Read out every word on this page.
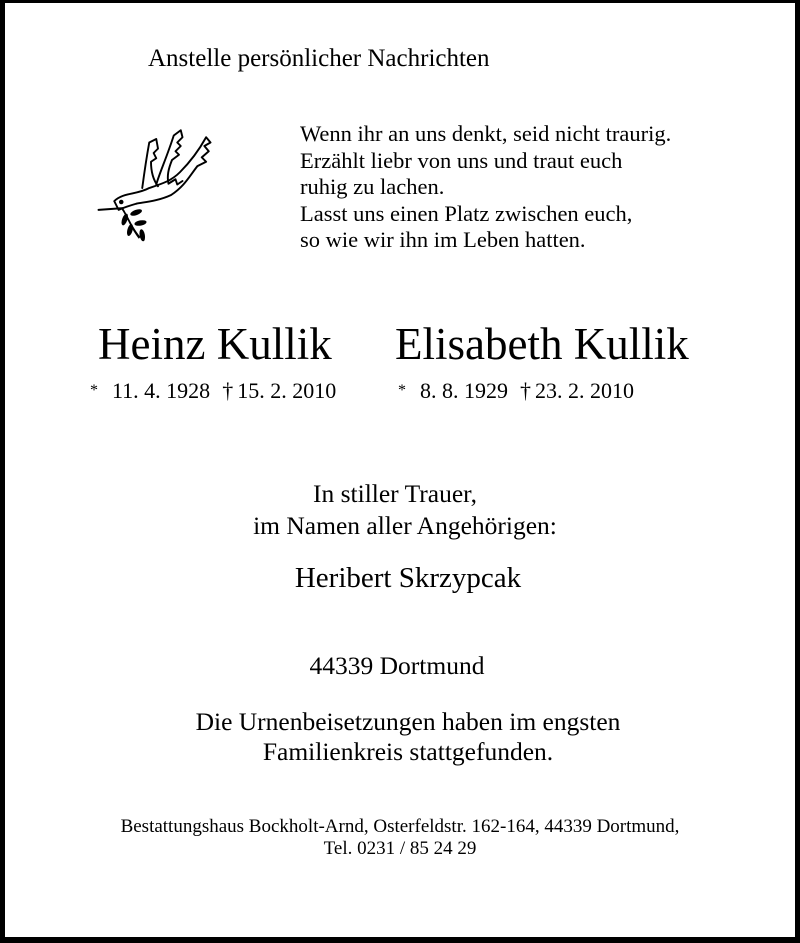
Anstelle persönlicher Nachrichten
Wenn ihr an uns denkt, seid nicht traurig.
Erzählt liebr von uns und traut euch
ruhig zu lachen.
Lasst uns einen Platz zwischen euch,
so wie wir ihn im Leben hatten.
Heinz Kullik Elisabeth Kullik
* 11. 4. 1928 † 15. 2. 2010	* 8. 8. 1929 † 23. 2. 2010
In stiller Trauer,
im Namen aller Angehörigen:
Heribert Skrzypcak
44339 Dortmund
Die Urnenbeisetzungen haben im engsten
Familienkreis stattgefunden.
Bestattungshaus Bockholt-Arnd, Osterfeldstr. 162-164, 44339 Dortmund,
Tel. 0231 / 85 24 29
